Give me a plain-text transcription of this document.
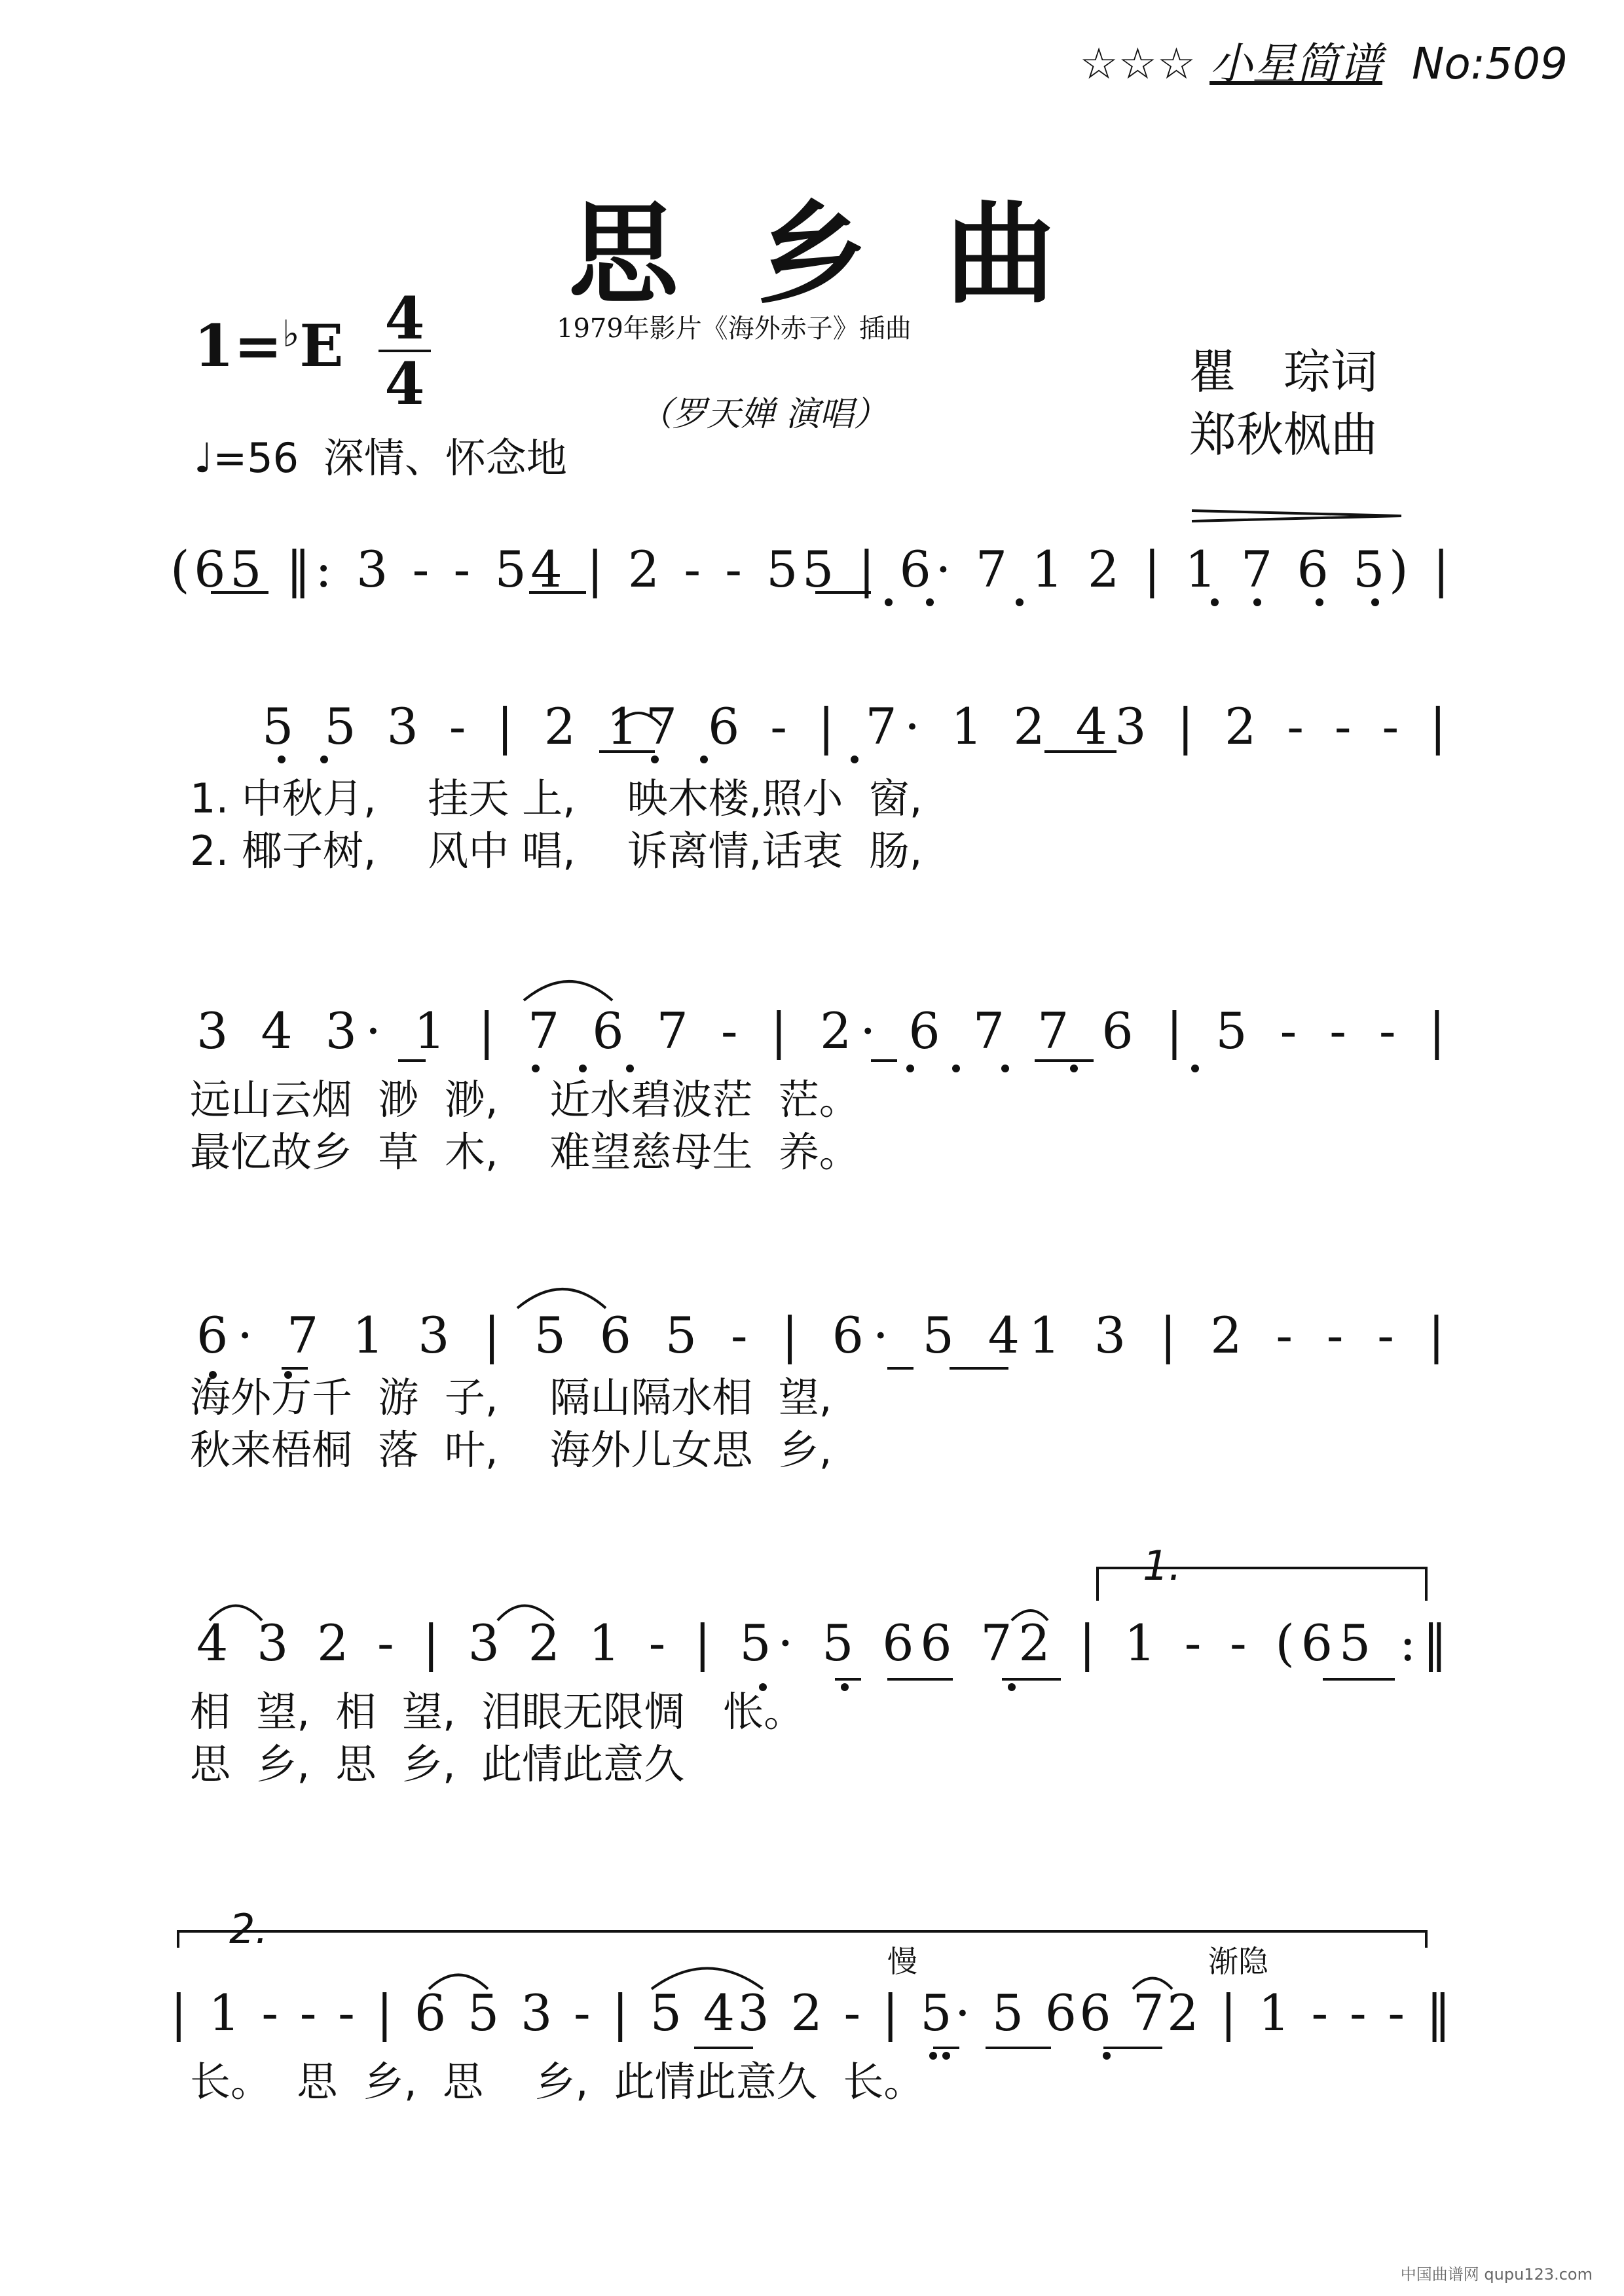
☆☆☆ 小星简谱 No:509
思乡曲
1979年影片《海外赤子》插曲
（罗天婵 演唱）
1=♭E 4
4
♩=56 深情、怀念地
瞿　琮词
郑秋枫曲
(65 ‖: 3 - - 54 | 2 - - 55 | 6· 7 1 2 | 1 7 6 5) |
5 5 3 - | 2 17 6 - | 7· 1 2 43 | 2 - - - |
1. 中秋月,    挂天 上,    映木楼,照小  窗,
2. 椰子树,    风中 唱,    诉离情,话衷  肠,
3 4 3· 1 | 7 6 7 - | 2· 6 7 7 6 | 5 - - - |
远山云烟  渺  渺,    近水碧波茫  茫。
最忆故乡  草  木,    难望慈母生  养。
6· 7 1 3 | 5 6 5 - | 6· 5 41 3 | 2 - - - |
海外万千  游  子,    隔山隔水相  望,
秋来梧桐  落  叶,    海外儿女思  乡,
1.
4 3 2 - | 3 2 1 - | 5· 5 66 72 | 1 - - (65 :‖
相  望,  相  望,  泪眼无限惆   怅。
思  乡,  思  乡,  此情此意久
2.
慢	渐隐
| 1 - - - | 6 5 3 - | 5 43 2 - | 5· 5 66 72 | 1 - - - ‖
长。  思  乡,  思    乡,  此情此意久  长。
中国曲谱网 qupu123.com
